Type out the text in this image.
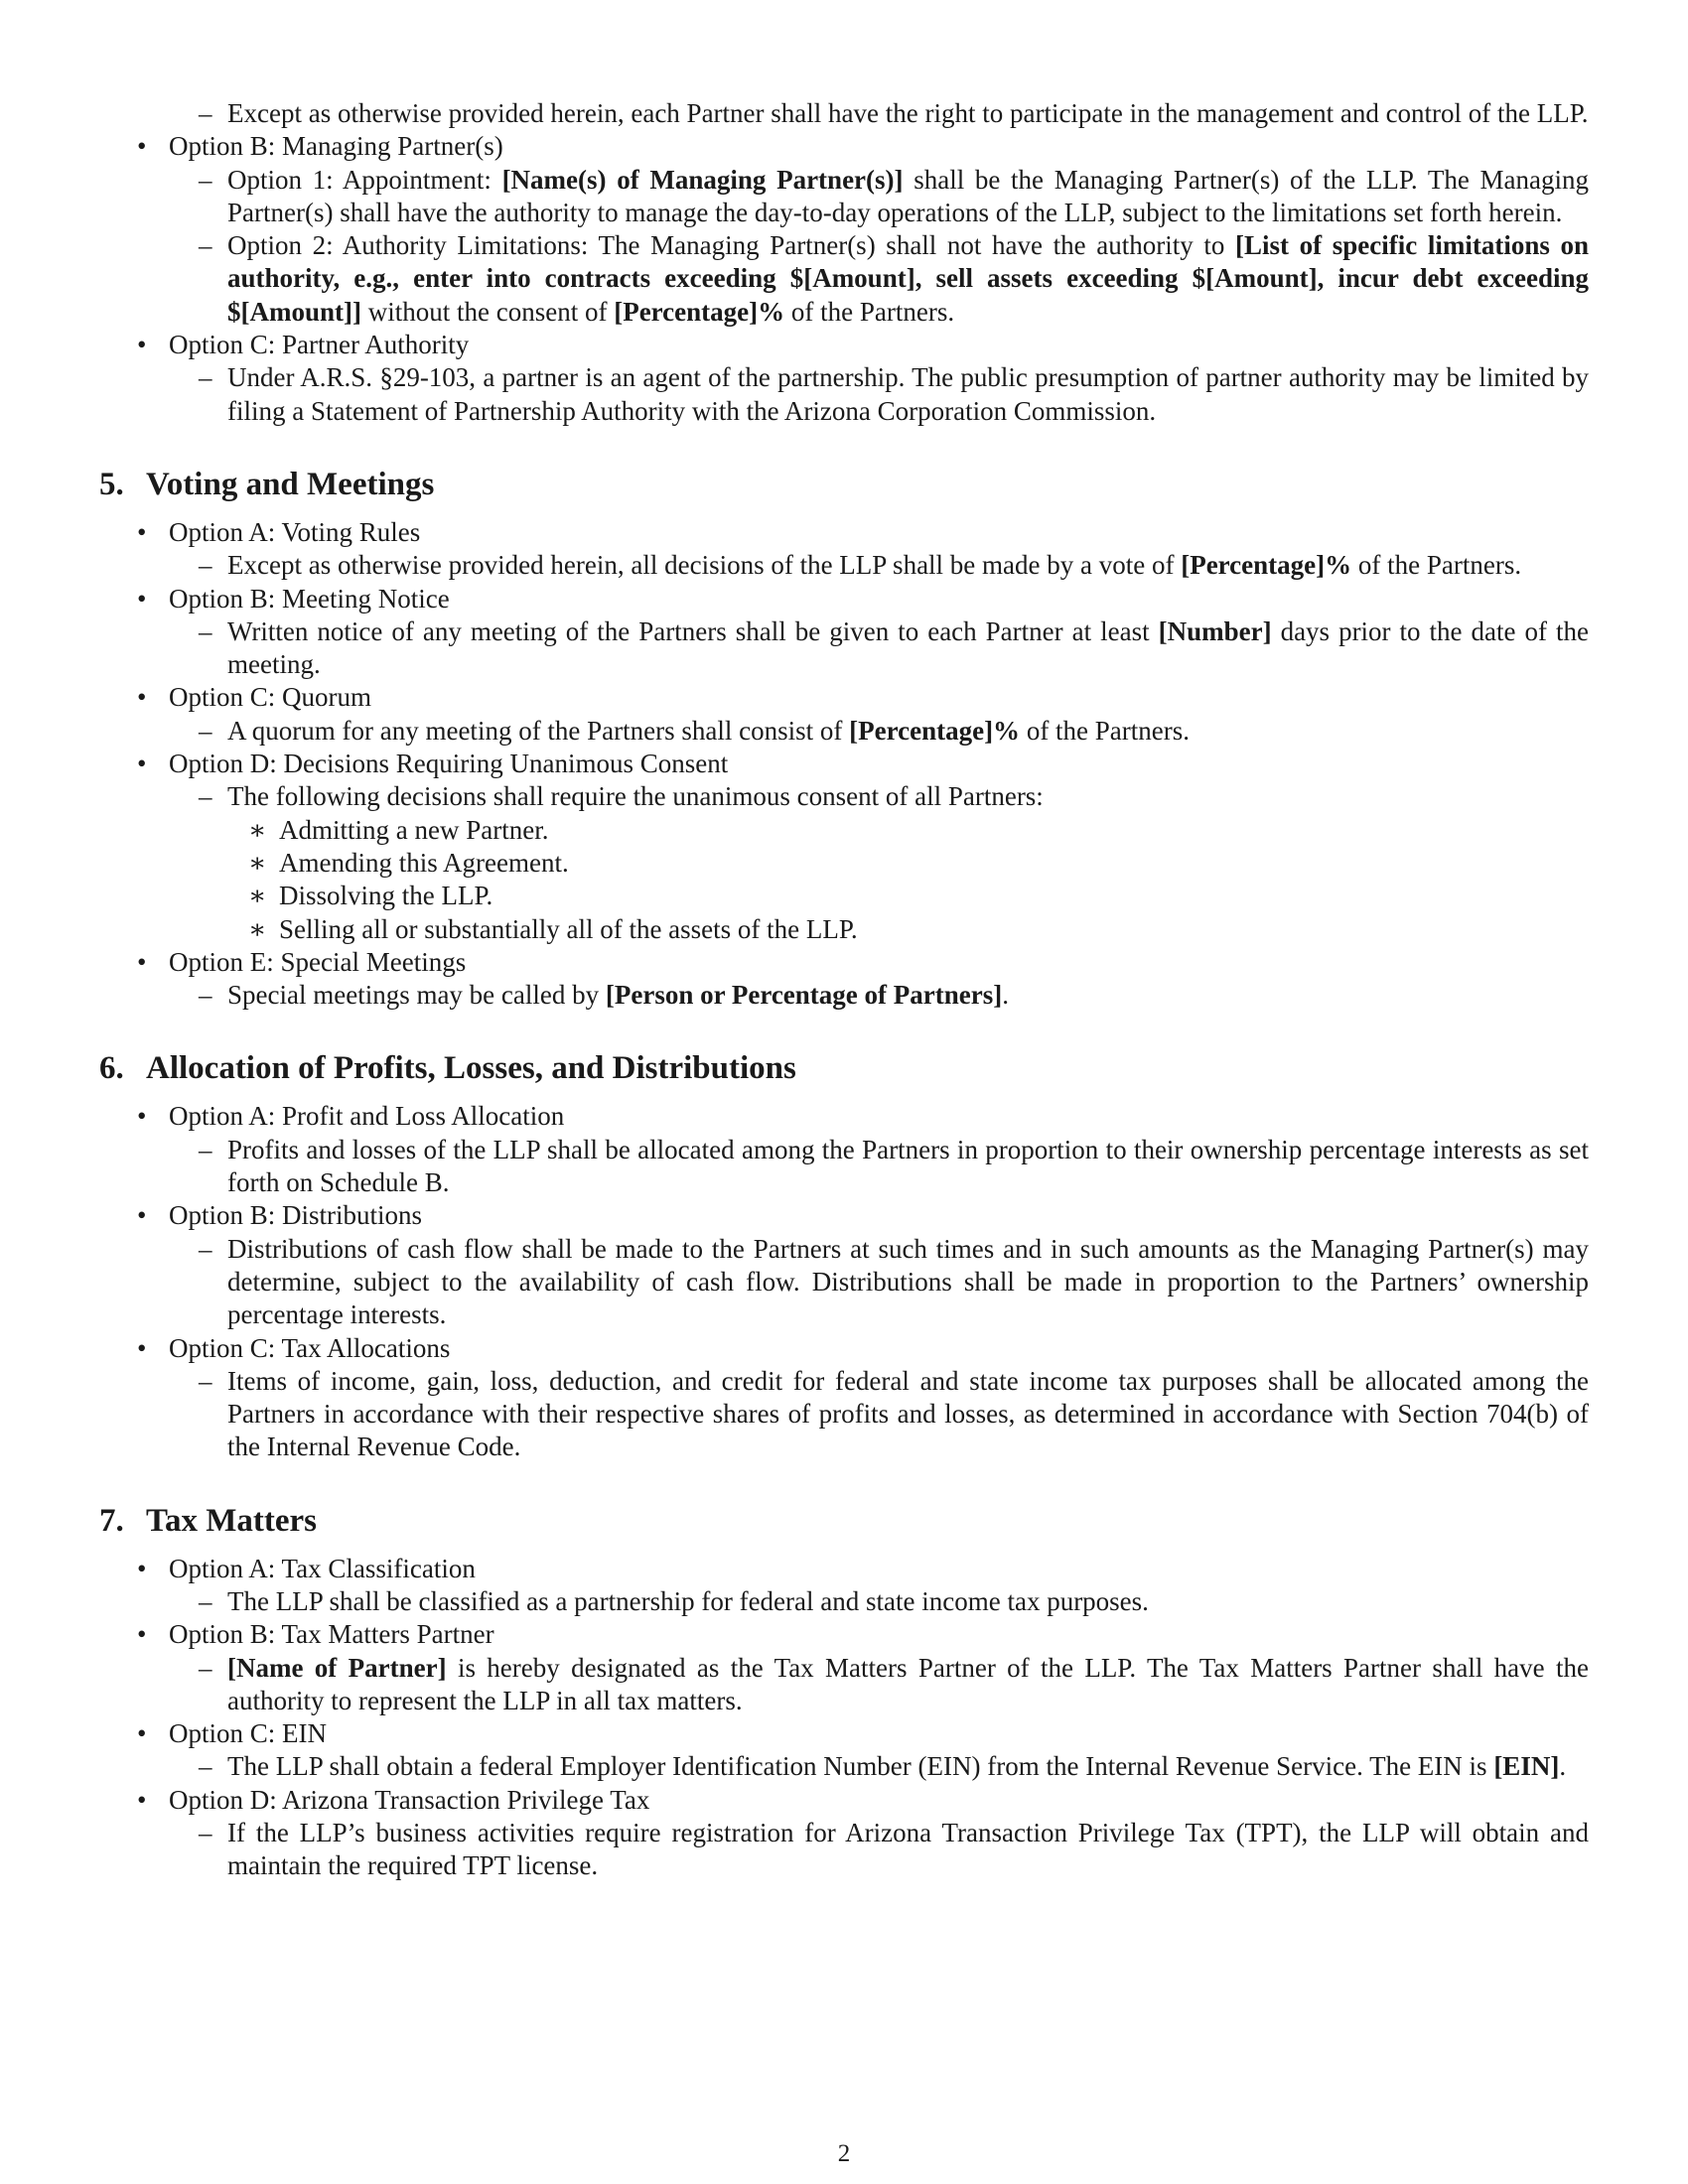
– Except as otherwise provided herein, each Partner shall have the right to participate in the management and control of the LLP.
• Option B: Managing Partner(s)
– Option 1: Appointment: [Name(s) of Managing Partner(s)] shall be the Managing Partner(s) of the LLP. The Managing Partner(s) shall have the authority to manage the day-to-day operations of the LLP, subject to the limitations set forth herein.
– Option 2: Authority Limitations: The Managing Partner(s) shall not have the authority to [List of specific limitations on authority, e.g., enter into contracts exceeding $[Amount], sell assets exceeding $[Amount], incur debt exceeding $[Amount]] without the consent of [Percentage]% of the Partners.
• Option C: Partner Authority
– Under A.R.S. §29-103, a partner is an agent of the partnership. The public presumption of partner authority may be limited by filing a Statement of Partnership Authority with the Arizona Corporation Commission.
5. Voting and Meetings
• Option A: Voting Rules
– Except as otherwise provided herein, all decisions of the LLP shall be made by a vote of [Percentage]% of the Partners.
• Option B: Meeting Notice
– Written notice of any meeting of the Partners shall be given to each Partner at least [Number] days prior to the date of the meeting.
• Option C: Quorum
– A quorum for any meeting of the Partners shall consist of [Percentage]% of the Partners.
• Option D: Decisions Requiring Unanimous Consent
– The following decisions shall require the unanimous consent of all Partners:
∗ Admitting a new Partner.
∗ Amending this Agreement.
∗ Dissolving the LLP.
∗ Selling all or substantially all of the assets of the LLP.
• Option E: Special Meetings
– Special meetings may be called by [Person or Percentage of Partners].
6. Allocation of Profits, Losses, and Distributions
• Option A: Profit and Loss Allocation
– Profits and losses of the LLP shall be allocated among the Partners in proportion to their ownership percentage interests as set forth on Schedule B.
• Option B: Distributions
– Distributions of cash flow shall be made to the Partners at such times and in such amounts as the Managing Partner(s) may determine, subject to the availability of cash flow. Distributions shall be made in proportion to the Partners’ ownership percentage interests.
• Option C: Tax Allocations
– Items of income, gain, loss, deduction, and credit for federal and state income tax purposes shall be allocated among the Partners in accordance with their respective shares of profits and losses, as determined in accordance with Section 704(b) of the Internal Revenue Code.
7. Tax Matters
• Option A: Tax Classification
– The LLP shall be classified as a partnership for federal and state income tax purposes.
• Option B: Tax Matters Partner
– [Name of Partner] is hereby designated as the Tax Matters Partner of the LLP. The Tax Matters Partner shall have the authority to represent the LLP in all tax matters.
• Option C: EIN
– The LLP shall obtain a federal Employer Identification Number (EIN) from the Internal Revenue Service. The EIN is [EIN].
• Option D: Arizona Transaction Privilege Tax
– If the LLP’s business activities require registration for Arizona Transaction Privilege Tax (TPT), the LLP will obtain and maintain the required TPT license.
2
